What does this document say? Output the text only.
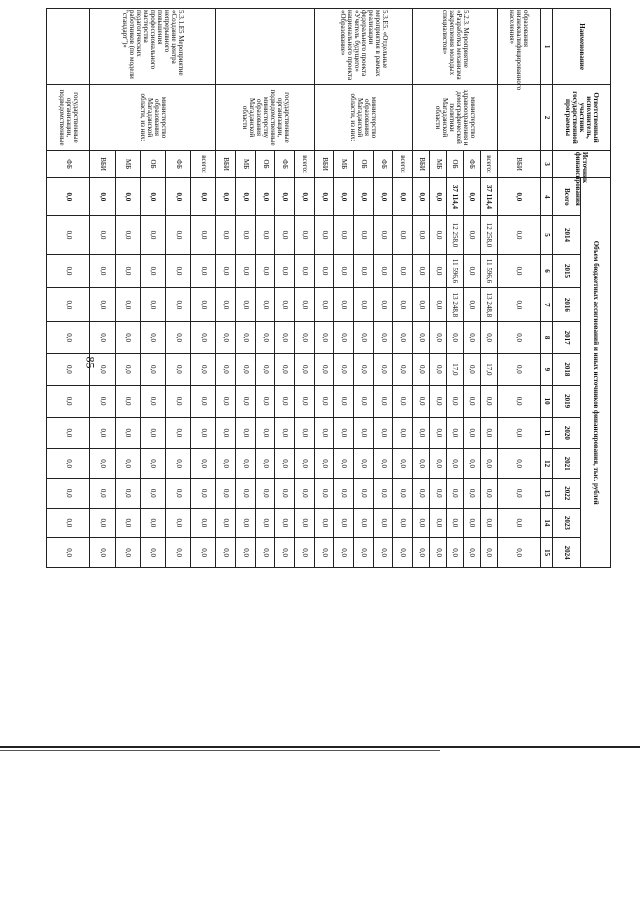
85
Наименование	Ответственный исполнитель, участник государственной программы	Источник финансирования	Объем бюджетных ассигнований и иных источников финансирования, тыс. рублей											
			Всего	2014	2015	2016	2017	2018	2019	2020	2021	2022	2023	2024
1	2	3	4	5	6	7	8	9	10	11	12	13	14	15
образования низкоквалифицированного населения»		ВБИ	0,0	0,0	0,0	0,0	0,0	0,0	0,0	0,0	0,0	0,0	0,0	0,0
5.2.3. Мероприятие «Разработка механизма закрепления молодых специалистов»	министерство здравоохранения и демографической политики Магаданской области	всего:	37 114,4	12 258,0	11 596,6	13 248,8	0,0	17,0	0,0	0,0	0,0	0,0	0,0	0,0
		ФБ	0,0	0,0	0,0	0,0	0,0	0,0	0,0	0,0	0,0	0,0	0,0	0,0
		ОБ	37 114,4	12 258,0	11 596,6	13 248,8	0,0	17,0	0,0	0,0	0,0	0,0	0,0	0,0
		МБ	0,0	0,0	0,0	0,0	0,0	0,0	0,0	0,0	0,0	0,0	0,0	0,0
		ВБИ	0,0	0,0	0,0	0,0	0,0	0,0	0,0	0,0	0,0	0,0	0,0	0,0
5.3.Е5. «Отдельные мероприятия в рамках реализации федерального проекта «Учитель будущего» национального проекта «Образование»	министерство образования Магаданской области, из них:	всего:	0,0	0,0	0,0	0,0	0,0	0,0	0,0	0,0	0,0	0,0	0,0	0,0
		ФБ	0,0	0,0	0,0	0,0	0,0	0,0	0,0	0,0	0,0	0,0	0,0	0,0
		ОБ	0,0	0,0	0,0	0,0	0,0	0,0	0,0	0,0	0,0	0,0	0,0	0,0
		МБ	0,0	0,0	0,0	0,0	0,0	0,0	0,0	0,0	0,0	0,0	0,0	0,0
		ВБИ	0,0	0,0	0,0	0,0	0,0	0,0	0,0	0,0	0,0	0,0	0,0	0,0
	государственные организации, подведомственные министерству образования Магаданской области	всего:	0,0	0,0	0,0	0,0	0,0	0,0	0,0	0,0	0,0	0,0	0,0	0,0
		ФБ	0,0	0,0	0,0	0,0	0,0	0,0	0,0	0,0	0,0	0,0	0,0	0,0
		ОБ	0,0	0,0	0,0	0,0	0,0	0,0	0,0	0,0	0,0	0,0	0,0	0,0
		МБ	0,0	0,0	0,0	0,0	0,0	0,0	0,0	0,0	0,0	0,0	0,0	0,0
		ВБИ	0,0	0,0	0,0	0,0	0,0	0,0	0,0	0,0	0,0	0,0	0,0	0,0
5.3.1.Е5 Мероприятие «Создание центра непрерывного повышения профессионального мастерства педагогических работников (по модели "стандарт")»	министерство образования Магаданской области, из них:	всего:	0,0	0,0	0,0	0,0	0,0	0,0	0,0	0,0	0,0	0,0	0,0	0,0
		ФБ	0,0	0,0	0,0	0,0	0,0	0,0	0,0	0,0	0,0	0,0	0,0	0,0
		ОБ	0,0	0,0	0,0	0,0	0,0	0,0	0,0	0,0	0,0	0,0	0,0	0,0
		МБ	0,0	0,0	0,0	0,0	0,0	0,0	0,0	0,0	0,0	0,0	0,0	0,0
		ВБИ	0,0	0,0	0,0	0,0	0,0	0,0	0,0	0,0	0,0	0,0	0,0	0,0
	государственные организации, подведомственные	ФБ	0,0	0,0	0,0	0,0	0,0	0,0	0,0	0,0	0,0	0,0	0,0	0,0
